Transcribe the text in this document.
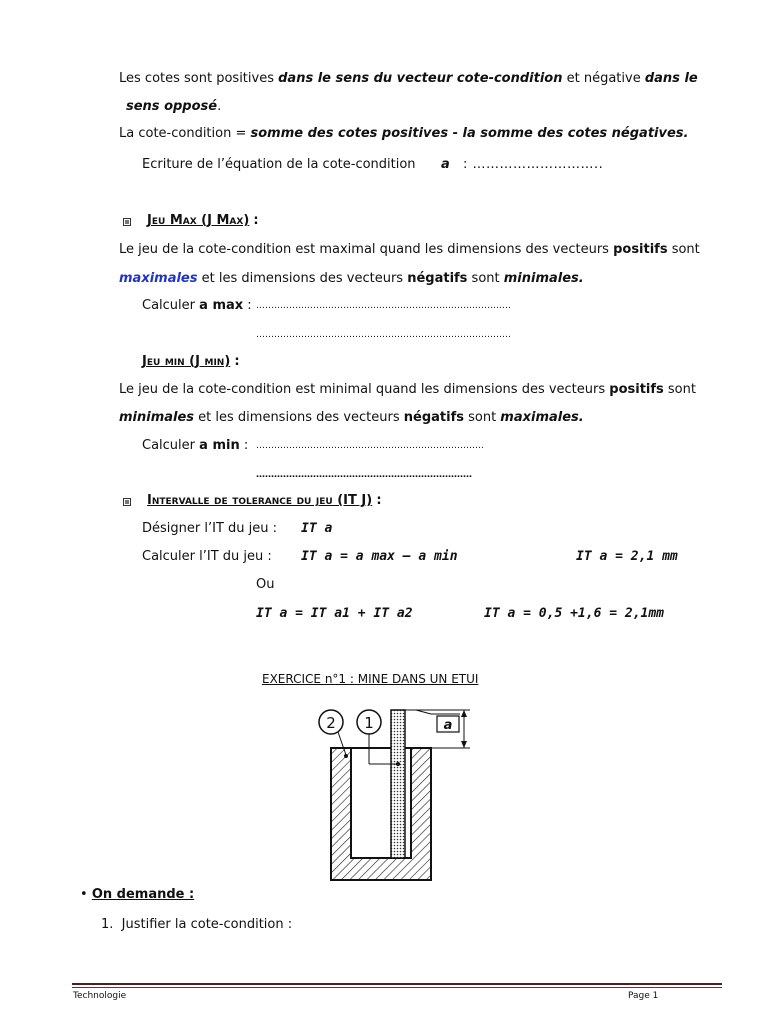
Les cotes sont positives dans le sens du vecteur cote-condition et négative dans le
sens opposé.
La cote-condition = somme des cotes positives - la somme des cotes négatives.
Ecriture de l’équation de la cote-condition a : ………………………..
Jeu Max (J Max) :
Le jeu de la cote-condition est maximal quand les dimensions des vecteurs positifs sont
maximales et les dimensions des vecteurs négatifs sont minimales.
Calculer a max : ………………………………………………………………………….
………………………………………………………………………….
Jeu min (J min) :
Le jeu de la cote-condition est minimal quand les dimensions des vecteurs positifs sont
minimales et les dimensions des vecteurs négatifs sont maximales.
Calculer a min : ………………………………………………………………….
………………………………………………………………
Intervalle de tolerance du jeu (IT J) :
Désigner l’IT du jeu : IT a
Calculer l’IT du jeu : IT a = a max – a min	IT a = 2,1 mm
Ou
IT a = IT a1 + IT a2	IT a = 0,5 +1,6 = 2,1mm
EXERCICE n°1 : MINE DANS UN ETUI
a
2 1
• On demande :
1. Justifier la cote-condition :
Technologie	Page 1
